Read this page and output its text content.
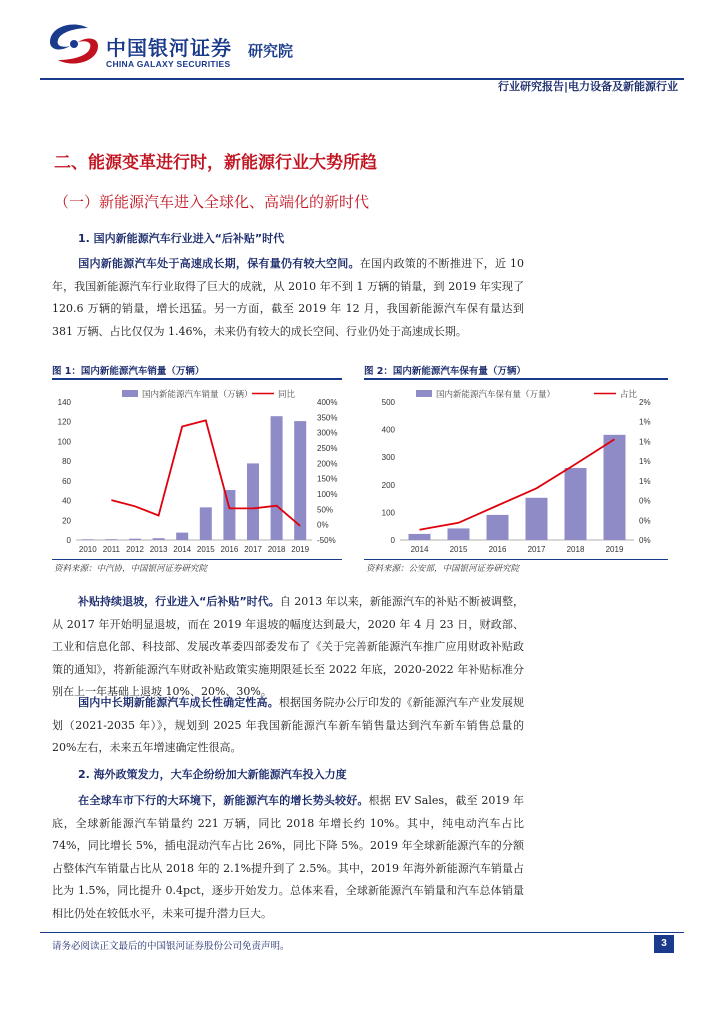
中国银河证券
CHINA GALAXY SECURITIES
研究院
行业研究报告|电力设备及新能源行业
二、能源变革进行时，新能源行业大势所趋
（一）新能源汽车进入全球化、高端化的新时代
1. 国内新能源汽车行业进入“后补贴”时代
国内新能源汽车处于高速成长期，保有量仍有较大空间。在国内政策的不断推进下，近 10 年，我国新能源汽车行业取得了巨大的成就，从 2010 年不到 1 万辆的销量，到 2019 年实现了 120.6 万辆的销量，增长迅猛。另一方面，截至 2019 年 12 月，我国新能源汽车保有量达到 381 万辆、占比仅仅为 1.46%，未来仍有较大的成长空间、行业仍处于高速成长期。
图 1：国内新能源汽车销量（万辆）
国内新能源汽车销量（万辆）	同比
0
20
40
60
80
100
120
140
-50%
0%
50%
100%
150%
200%
250%
300%
350%
400%
2010 2011 2012 2013 2014 2015 2016 2017 2018 2019
资料来源：中汽协，中国银河证券研究院
图 2：国内新能源汽车保有量（万辆）
国内新能源汽车保有量（万量）	占比
0
100
200
300
400
500
0%
0%
0%
1%
1%
1%
1%
2%
2014	2015	2016	2017	2018	2019
资料来源：公安部，中国银河证券研究院
补贴持续退坡，行业进入“后补贴”时代。自 2013 年以来，新能源汽车的补贴不断被调整，从 2017 年开始明显退坡，而在 2019 年退坡的幅度达到最大，2020 年 4 月 23 日，财政部、工业和信息化部、科技部、发展改革委四部委发布了《关于完善新能源汽车推广应用财政补贴政策的通知》，将新能源汽车财政补贴政策实施期限延长至 2022 年底，2020-2022 年补贴标准分别在上一年基础上退坡 10%、20%、30%。
国内中长期新能源汽车成长性确定性高。根据国务院办公厅印发的《新能源汽车产业发展规划（2021-2035 年）》，规划到 2025 年我国新能源汽车新车销售量达到汽车新车销售总量的 20%左右，未来五年增速确定性很高。
2. 海外政策发力，大车企纷纷加大新能源汽车投入力度
在全球车市下行的大环境下，新能源汽车的增长势头较好。根据 EV Sales，截至 2019 年底，全球新能源汽车销量约 221 万辆，同比 2018 年增长约 10%。其中，纯电动汽车占比 74%，同比增长 5%，插电混动汽车占比 26%，同比下降 5%。2019 年全球新能源汽车的分额占整体汽车销量占比从 2018 年的 2.1%提升到了 2.5%。其中，2019 年海外新能源汽车销量占比为 1.5%，同比提升 0.4pct，逐步开始发力。总体来看，全球新能源汽车销量和汽车总体销量相比仍处在较低水平，未来可提升潜力巨大。
请务必阅读正文最后的中国银河证券股份公司免责声明。	3
